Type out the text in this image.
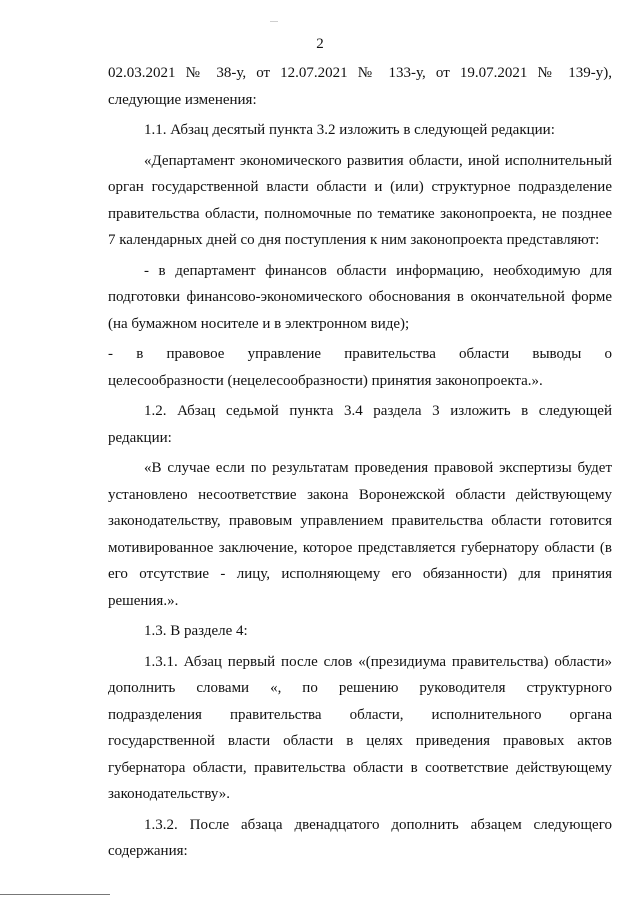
2

02.03.2021 № 38-у, от 12.07.2021 № 133-у, от 19.07.2021 № 139-у),

следующие изменения:

1.1. Абзац десятый пункта 3.2 изложить в следующей редакции:

«Департамент экономического развития области, иной исполнительный

орган государственной власти области и (или) структурное подразделение

правительства области, полномочные по тематике законопроекта, не позднее

7 календарных дней со дня поступления к ним законопроекта представляют:

- в департамент финансов области информацию, необходимую для

подготовки финансово-экономического обоснования в окончательной форме

(на бумажном носителе и в электронном виде);

- в правовое управление правительства области выводы о

целесообразности (нецелесообразности) принятия законопроекта.».

1.2. Абзац седьмой пункта 3.4 раздела 3 изложить в следующей

редакции:

«В случае если по результатам проведения правовой экспертизы будет

установлено несоответствие закона Воронежской области действующему

законодательству, правовым управлением правительства области готовится

мотивированное заключение, которое представляется губернатору области (в

его отсутствие - лицу, исполняющему его обязанности) для принятия

решения.».

1.3. В разделе 4:

1.3.1. Абзац первый после слов «(президиума правительства) области»

дополнить словами «, по решению руководителя структурного

подразделения правительства области, исполнительного органа

государственной власти области в целях приведения правовых актов

губернатора области, правительства области в соответствие действующему

законодательству».

1.3.2. После абзаца двенадцатого дополнить абзацем следующего

содержания:
